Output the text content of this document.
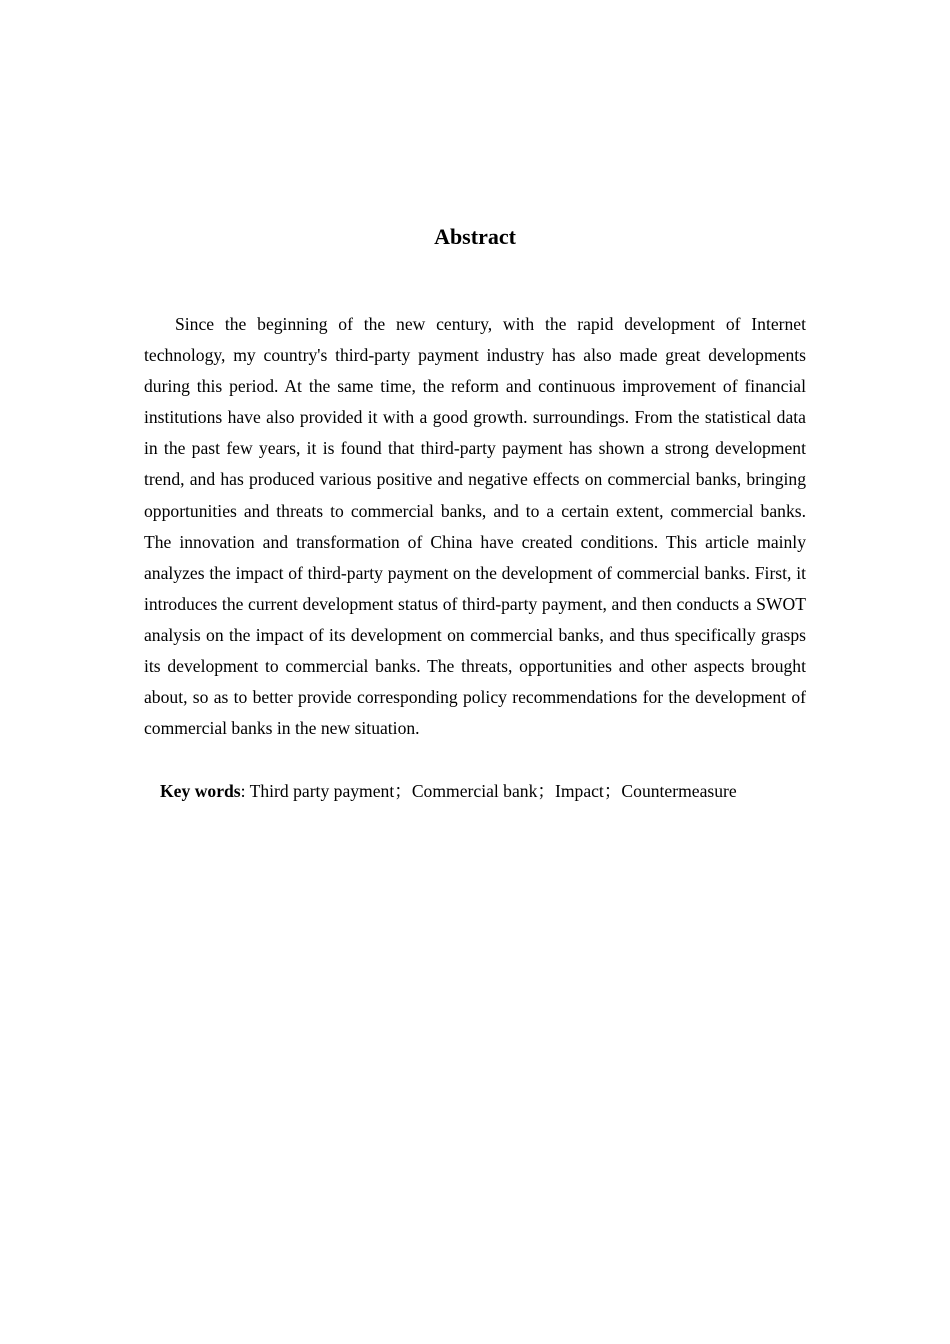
Abstract

Since the beginning of the new century, with the rapid development of Internet technology, my country's third-party payment industry has also made great developments during this period. At the same time, the reform and continuous improvement of financial institutions have also provided it with a good growth. surroundings. From the statistical data in the past few years, it is found that third-party payment has shown a strong development trend, and has produced various positive and negative effects on commercial banks, bringing opportunities and threats to commercial banks, and to a certain extent, commercial banks. The innovation and transformation of China have created conditions. This article mainly analyzes the impact of third-party payment on the development of commercial banks. First, it introduces the current development status of third-party payment, and then conducts a SWOT analysis on the impact of its development on commercial banks, and thus specifically grasps its development to commercial banks. The threats, opportunities and other aspects brought about, so as to better provide corresponding policy recommendations for the development of commercial banks in the new situation.

Key words: Third party payment；Commercial bank；Impact；Countermeasure
